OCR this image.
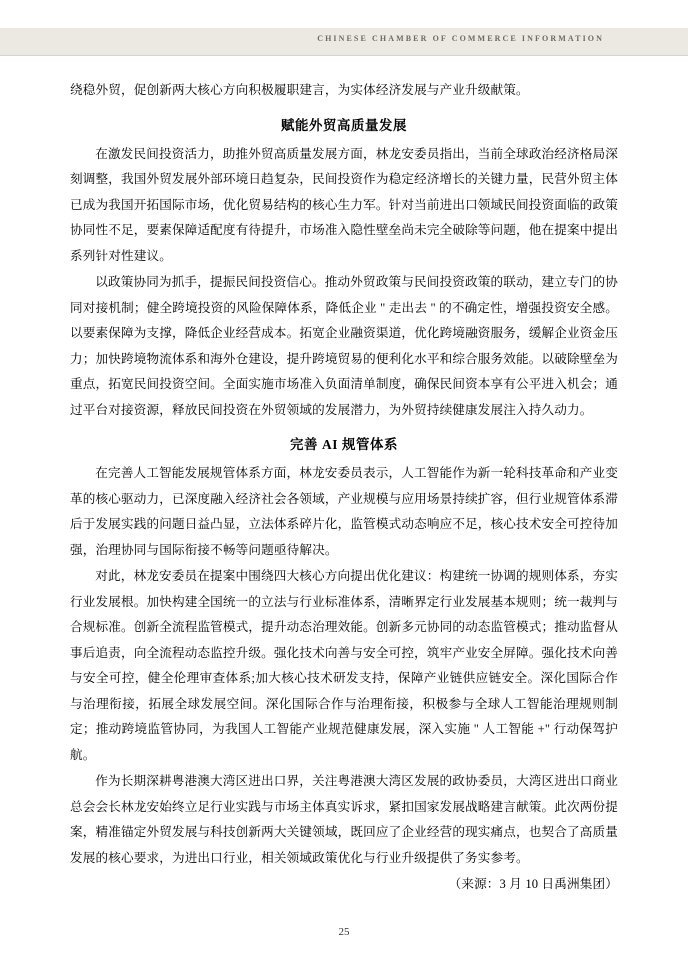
CHINESE CHAMBER OF COMMERCE INFORMATION

绕稳外贸，促创新两大核心方向积极履职建言，为实体经济发展与产业升级献策。

赋能外贸高质量发展

在激发民间投资活力，助推外贸高质量发展方面，林龙安委员指出，当前全球政治经济格局深刻调整，我国外贸发展外部环境日趋复杂，民间投资作为稳定经济增长的关键力量，民营外贸主体已成为我国开拓国际市场，优化贸易结构的核心生力军。针对当前进出口领域民间投资面临的政策协同性不足，要素保障适配度有待提升，市场准入隐性壁垒尚未完全破除等问题，他在提案中提出系列针对性建议。

以政策协同为抓手，提振民间投资信心。推动外贸政策与民间投资政策的联动，建立专门的协同对接机制；健全跨境投资的风险保障体系，降低企业 " 走出去 " 的不确定性，增强投资安全感。以要素保障为支撑，降低企业经营成本。拓宽企业融资渠道，优化跨境融资服务，缓解企业资金压力；加快跨境物流体系和海外仓建设，提升跨境贸易的便利化水平和综合服务效能。以破除壁垒为重点，拓宽民间投资空间。全面实施市场准入负面清单制度，确保民间资本享有公平进入机会；通过平台对接资源，释放民间投资在外贸领域的发展潜力，为外贸持续健康发展注入持久动力。

完善 AI 规管体系

在完善人工智能发展规管体系方面，林龙安委员表示，人工智能作为新一轮科技革命和产业变革的核心驱动力，已深度融入经济社会各领域，产业规模与应用场景持续扩容，但行业规管体系滞后于发展实践的问题日益凸显，立法体系碎片化，监管模式动态响应不足，核心技术安全可控待加强，治理协同与国际衔接不畅等问题亟待解决。

对此，林龙安委员在提案中围绕四大核心方向提出优化建议：构建统一协调的规则体系，夯实行业发展根。加快构建全国统一的立法与行业标准体系，清晰界定行业发展基本规则；统一裁判与合规标准。创新全流程监管模式，提升动态治理效能。创新多元协同的动态监管模式；推动监督从事后追责，向全流程动态监控升级。强化技术向善与安全可控，筑牢产业安全屏障。强化技术向善与安全可控，健全伦理审查体系;加大核心技术研发支持，保障产业链供应链安全。深化国际合作与治理衔接，拓展全球发展空间。深化国际合作与治理衔接，积极参与全球人工智能治理规则制定；推动跨境监管协同，为我国人工智能产业规范健康发展，深入实施 " 人工智能 +" 行动保驾护航。

作为长期深耕粤港澳大湾区进出口界，关注粤港澳大湾区发展的政协委员，大湾区进出口商业总会会长林龙安始终立足行业实践与市场主体真实诉求，紧扣国家发展战略建言献策。此次两份提案，精准锚定外贸发展与科技创新两大关键领域，既回应了企业经营的现实痛点，也契合了高质量发展的核心要求，为进出口行业，相关领域政策优化与行业升级提供了务实参考。

（来源：3 月 10 日禹洲集团）

25
